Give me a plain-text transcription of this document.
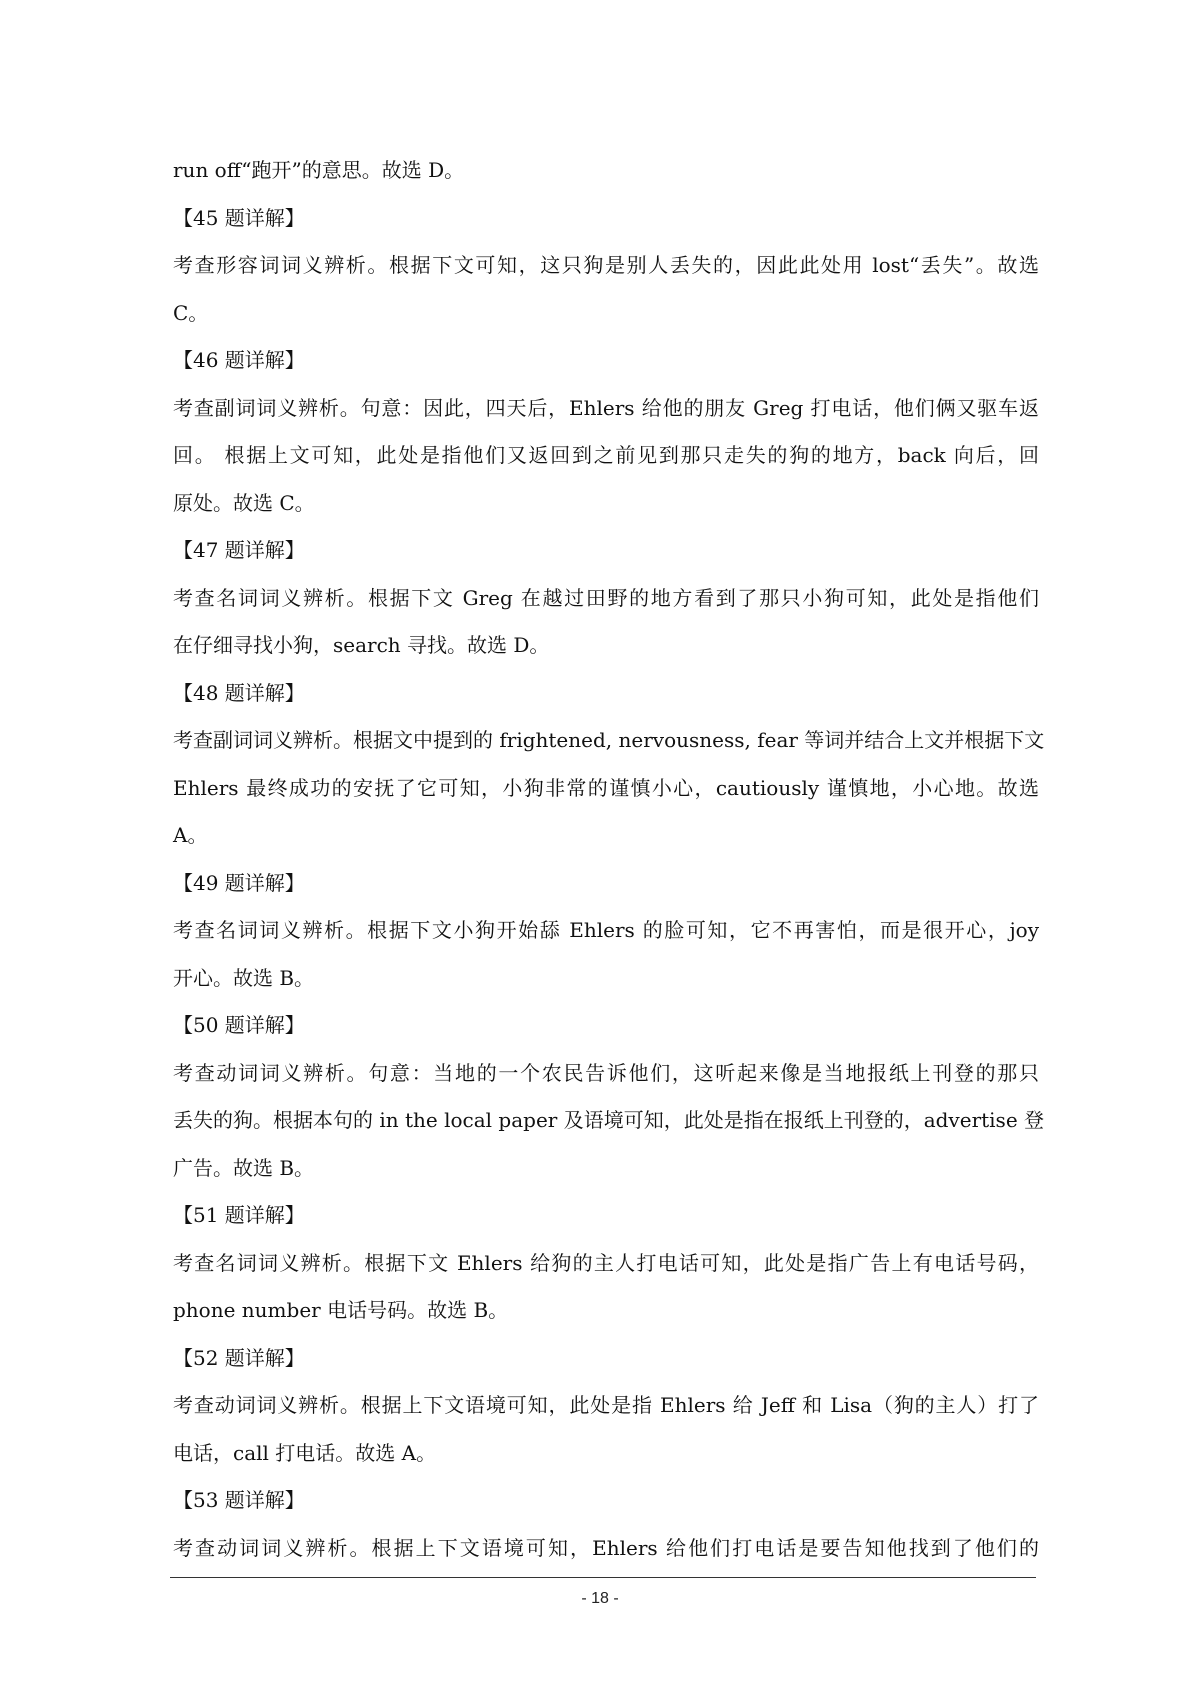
run off“跑开”的意思。故选 D。
【45 题详解】
考查形容词词义辨析。根据下文可知，这只狗是别人丢失的，因此此处用 lost“丢失”。故选
C。
【46 题详解】
考查副词词义辨析。句意：因此，四天后，Ehlers 给他的朋友 Greg 打电话，他们俩又驱车返
回。 根据上文可知，此处是指他们又返回到之前见到那只走失的狗的地方，back 向后，回
原处。故选 C。
【47 题详解】
考查名词词义辨析。根据下文 Greg 在越过田野的地方看到了那只小狗可知，此处是指他们
在仔细寻找小狗，search 寻找。故选 D。
【48 题详解】
考查副词词义辨析。根据文中提到的 frightened, nervousness, fear 等词并结合上文并根据下文
Ehlers 最终成功的安抚了它可知，小狗非常的谨慎小心，cautiously 谨慎地，小心地。故选
A。
【49 题详解】
考查名词词义辨析。根据下文小狗开始舔 Ehlers 的脸可知，它不再害怕，而是很开心，joy
开心。故选 B。
【50 题详解】
考查动词词义辨析。句意：当地的一个农民告诉他们，这听起来像是当地报纸上刊登的那只
丢失的狗。根据本句的 in the local paper 及语境可知，此处是指在报纸上刊登的，advertise 登
广告。故选 B。
【51 题详解】
考查名词词义辨析。根据下文 Ehlers 给狗的主人打电话可知，此处是指广告上有电话号码，
phone number 电话号码。故选 B。
【52 题详解】
考查动词词义辨析。根据上下文语境可知，此处是指 Ehlers 给 Jeff 和 Lisa（狗的主人）打了
电话，call 打电话。故选 A。
【53 题详解】
考查动词词义辨析。根据上下文语境可知，Ehlers 给他们打电话是要告知他找到了他们的
- 18 -
